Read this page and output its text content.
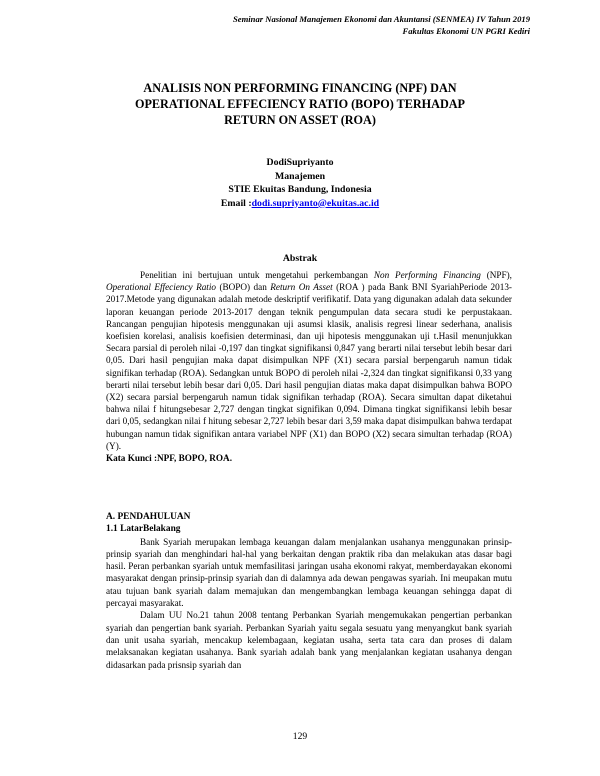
Seminar Nasional Manajemen Ekonomi dan Akuntansi (SENMEA) IV Tahun 2019
Fakultas Ekonomi UN PGRI Kediri
ANALISIS NON PERFORMING FINANCING (NPF) DAN
OPERATIONAL EFFECIENCY RATIO (BOPO) TERHADAP
RETURN ON ASSET (ROA)
DodiSupriyanto
Manajemen
STIE Ekuitas Bandung, Indonesia
Email :dodi.supriyanto@ekuitas.ac.id
Abstrak

Penelitian ini bertujuan untuk mengetahui perkembangan Non Performing Financing (NPF), Operational Effeciency Ratio (BOPO) dan Return On Asset (ROA ) pada Bank BNI SyariahPeriode 2013-2017.Metode yang digunakan adalah metode deskriptif verifikatif. Data yang digunakan adalah data sekunder laporan keuangan periode 2013-2017 dengan teknik pengumpulan data secara studi ke perpustakaan. Rancangan pengujian hipotesis menggunakan uji asumsi klasik, analisis regresi linear sederhana, analisis koefisien korelasi, analisis koefisien determinasi, dan uji hipotesis menggunakan uji t.Hasil menunjukkan Secara parsial di peroleh nilai -0,197 dan tingkat signifikansi 0,847 yang berarti nilai tersebut lebih besar dari 0,05. Dari hasil pengujian maka dapat disimpulkan NPF (X1) secara parsial berpengaruh namun tidak signifikan terhadap (ROA). Sedangkan untuk BOPO di peroleh nilai -2,324 dan tingkat signifikansi 0,33 yang berarti nilai tersebut lebih besar dari 0,05. Dari hasil pengujian diatas maka dapat disimpulkan bahwa BOPO (X2) secara parsial berpengaruh namun tidak signifikan terhadap (ROA). Secara simultan dapat diketahui bahwa nilai f hitungsebesar 2,727 dengan tingkat signifikan 0,094. Dimana tingkat signifikansi lebih besar dari 0,05, sedangkan nilai f hitung sebesar 2,727 lebih besar dari 3,59 maka dapat disimpulkan bahwa terdapat hubungan namun tidak signifikan antara variabel NPF (X1) dan BOPO (X2) secara simultan terhadap (ROA) (Y).

Kata Kunci :NPF, BOPO, ROA.
A. PENDAHULUAN
1.1 LatarBelakang

Bank Syariah merupakan lembaga keuangan dalam menjalankan usahanya menggunakan prinsip-prinsip syariah dan menghindari hal-hal yang berkaitan dengan praktik riba dan melakukan atas dasar bagi hasil. Peran perbankan syariah untuk memfasilitasi jaringan usaha ekonomi rakyat, memberdayakan ekonomi masyarakat dengan prinsip-prinsip syariah dan di dalamnya ada dewan pengawas syariah. Ini meupakan mutu atau tujuan bank syariah dalam memajukan dan mengembangkan lembaga keuangan sehingga dapat di percayai masyarakat.

Dalam UU No.21 tahun 2008 tentang Perbankan Syariah mengemukakan pengertian perbankan syariah dan pengertian bank syariah. Perbankan Syariah yaitu segala sesuatu yang menyangkut bank syariah dan unit usaha syariah, mencakup kelembagaan, kegiatan usaha, serta tata cara dan proses di dalam melaksanakan kegiatan usahanya. Bank syariah adalah bank yang menjalankan kegiatan usahanya dengan didasarkan pada prisnsip syariah dan

129
